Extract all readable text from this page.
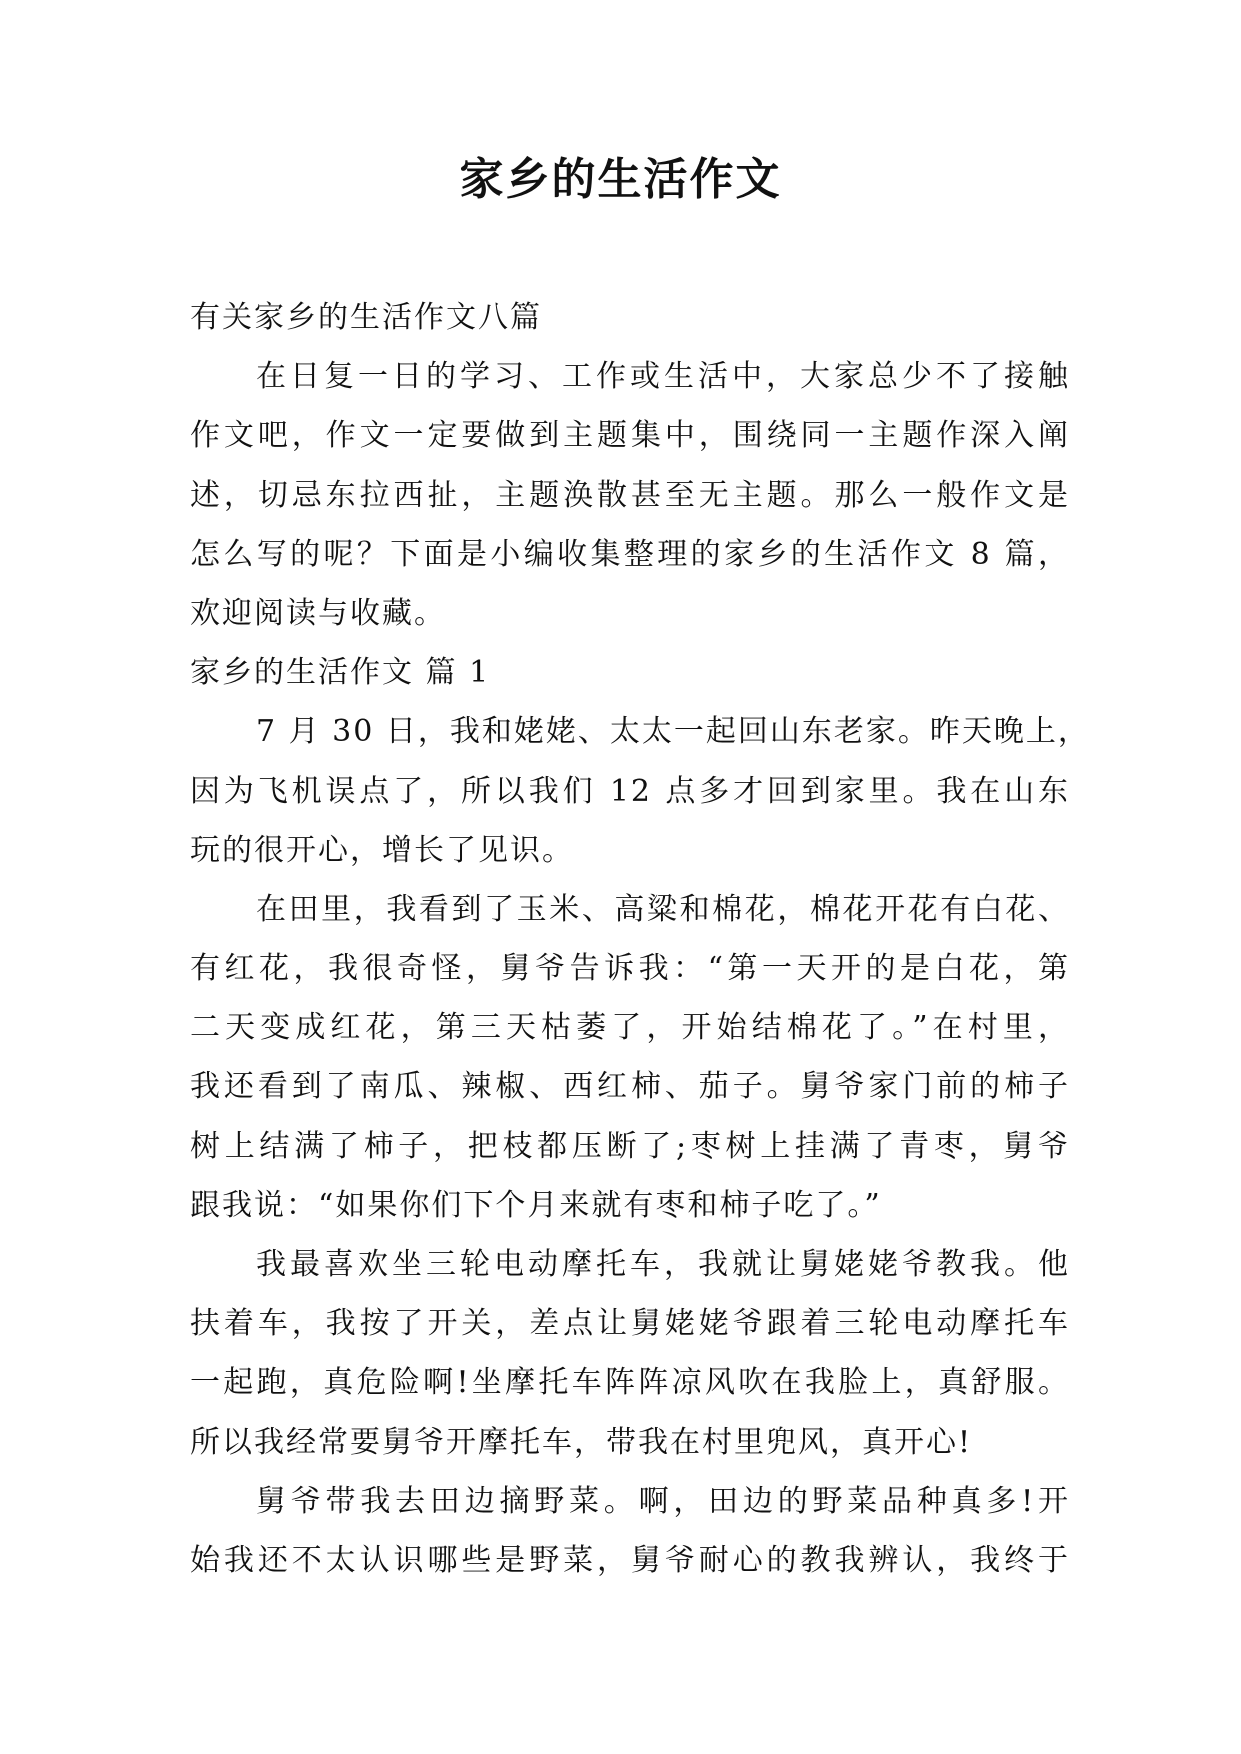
家乡的生活作文
有关家乡的生活作文八篇
在日复一日的学习、工作或生活中，大家总少不了接触
作文吧，作文一定要做到主题集中，围绕同一主题作深入阐
述，切忌东拉西扯，主题涣散甚至无主题。那么一般作文是
怎么写的呢？下面是小编收集整理的家乡的生活作文 8 篇，
欢迎阅读与收藏。
家乡的生活作文 篇 1
7 月 30 日，我和姥姥、太太一起回山东老家。昨天晚上，
因为飞机误点了，所以我们 12 点多才回到家里。我在山东
玩的很开心，增长了见识。
在田里，我看到了玉米、高粱和棉花，棉花开花有白花、
有红花，我很奇怪，舅爷告诉我：“第一天开的是白花，第
二天变成红花，第三天枯萎了，开始结棉花了。”在村里，
我还看到了南瓜、辣椒、西红柿、茄子。舅爷家门前的柿子
树上结满了柿子，把枝都压断了;枣树上挂满了青枣，舅爷
跟我说：“如果你们下个月来就有枣和柿子吃了。”
我最喜欢坐三轮电动摩托车，我就让舅姥姥爷教我。他
扶着车，我按了开关，差点让舅姥姥爷跟着三轮电动摩托车
一起跑，真危险啊!坐摩托车阵阵凉风吹在我脸上，真舒服。
所以我经常要舅爷开摩托车，带我在村里兜风，真开心!
舅爷带我去田边摘野菜。啊，田边的野菜品种真多!开
始我还不太认识哪些是野菜，舅爷耐心的教我辨认，我终于
